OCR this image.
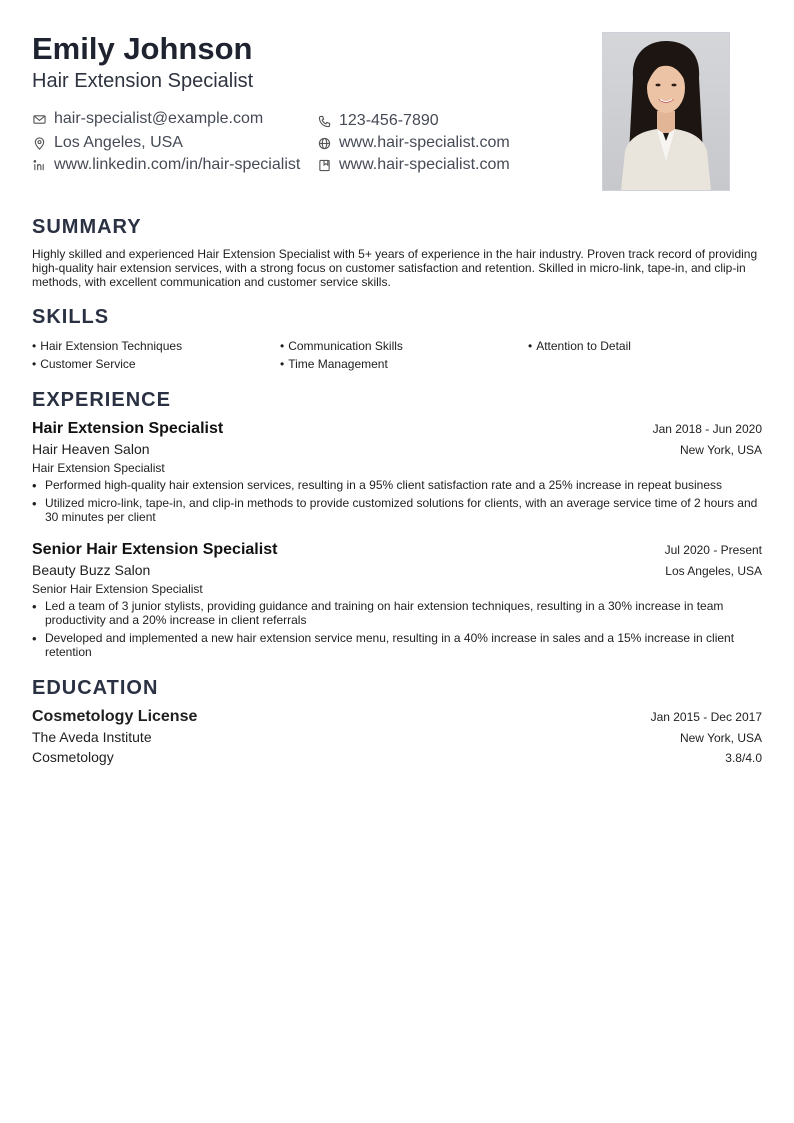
Emily Johnson

Hair Extension Specialist

hair-specialist@example.com	123-456-7890
Los Angeles, USA	www.hair-specialist.com
www.linkedin.com/in/hair-specialist www.hair-specialist.com
SUMMARY
Highly skilled and experienced Hair Extension Specialist with 5+ years of experience in the hair industry. Proven track record of providing high-quality hair extension services, with a strong focus on customer satisfaction and retention. Skilled in micro-link, tape-in, and clip-in methods, with excellent communication and customer service skills.
SKILLS
• Hair Extension Techniques	• Communication Skills	• Attention to Detail
• Customer Service	• Time Management
EXPERIENCE
Hair Extension Specialist	Jan 2018 - Jun 2020
Hair Heaven Salon	New York, USA
Hair Extension Specialist
• Performed high-quality hair extension services, resulting in a 95% client satisfaction rate and a 25% increase in repeat business
• Utilized micro-link, tape-in, and clip-in methods to provide customized solutions for clients, with an average service time of 2 hours and 30 minutes per client
Senior Hair Extension Specialist	Jul 2020 - Present
Beauty Buzz Salon	Los Angeles, USA
Senior Hair Extension Specialist
• Led a team of 3 junior stylists, providing guidance and training on hair extension techniques, resulting in a 30% increase in team productivity and a 20% increase in client referrals
• Developed and implemented a new hair extension service menu, resulting in a 40% increase in sales and a 15% increase in client retention
EDUCATION
Cosmetology License	Jan 2015 - Dec 2017
The Aveda Institute	New York, USA
Cosmetology	3.8/4.0
